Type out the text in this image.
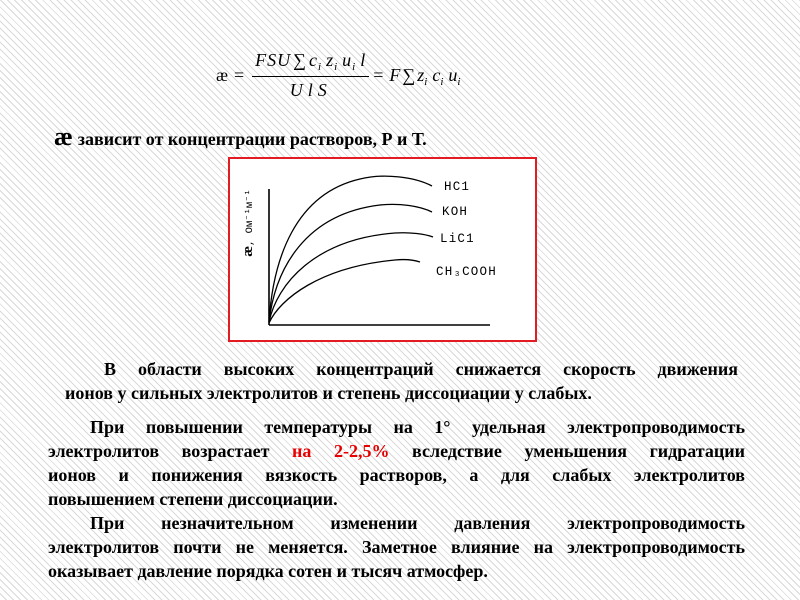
æ = $\frac{FSU \sum c_i z_i u_i l}{\text{UlS}} = F$ ∑ $z_i$ $c_i$ $u_i$
æ зависит от концентрации растворов, Р и Т.
æ, Ом⁻¹м⁻¹
HC1
KOH
LiC1
CH₃COOH
В области высоких концентраций снижается скорость движения
ионов у сильных электролитов и степень диссоциации у слабых.
При повышении температуры на 1° удельная электропроводимость
электролитов возрастает на 2-2,5% вследствие уменьшения гидратации
ионов и понижения вязкость растворов, а для слабых электролитов
повышением степени диссоциации.
При незначительном изменении давления электропроводимость
электролитов почти не меняется. Заметное влияние на электропроводимость
оказывает давление порядка сотен и тысяч атмосфер.
